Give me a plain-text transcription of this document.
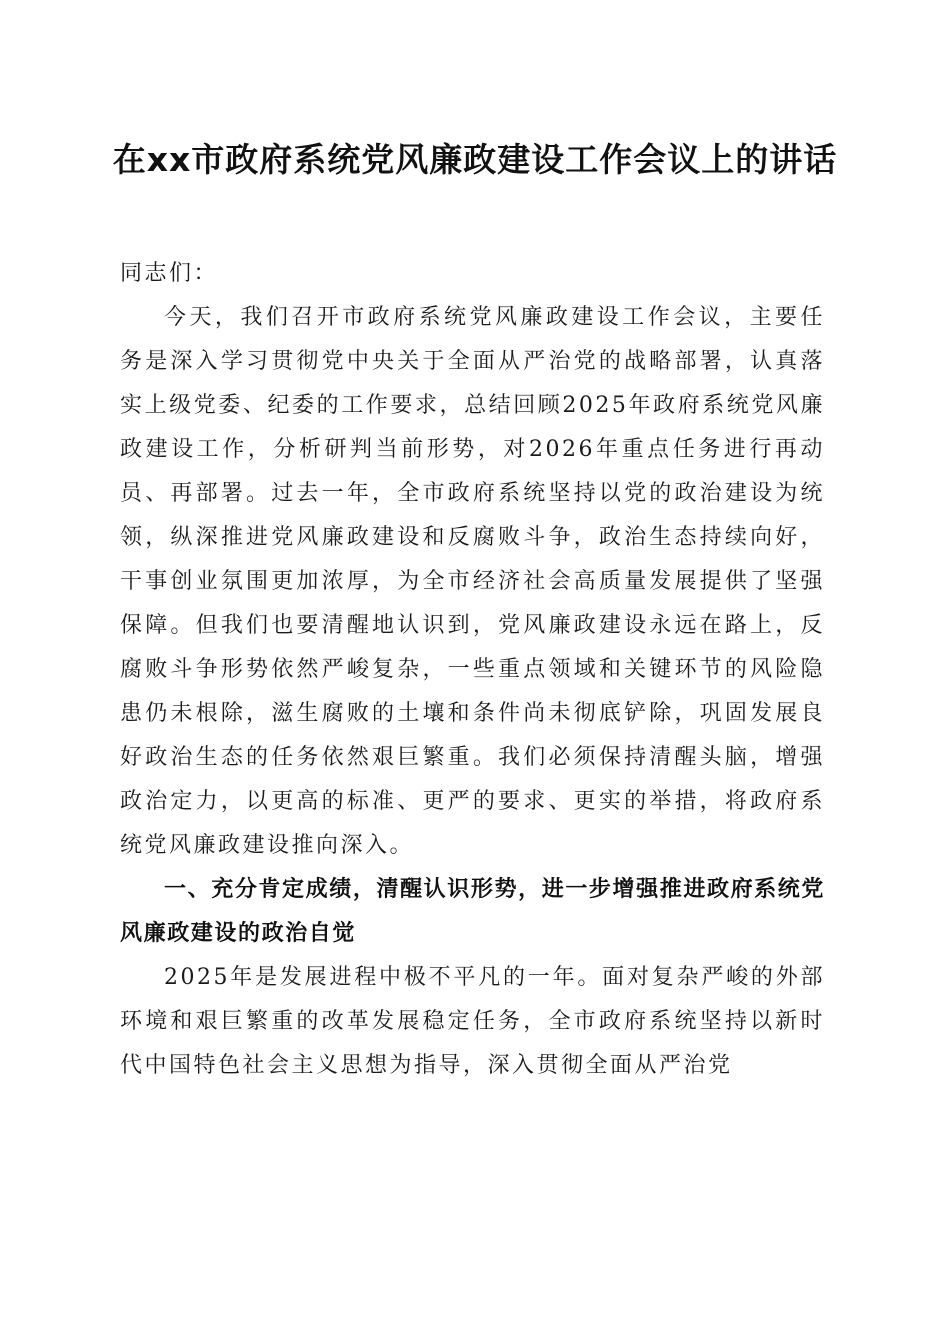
在xx市政府系统党风廉政建设工作会议上的讲话

同志们：

今天，我们召开市政府系统党风廉政建设工作会议，主要任务是深入学习贯彻党中央关于全面从严治党的战略部署，认真落实上级党委、纪委的工作要求，总结回顾2025年政府系统党风廉政建设工作，分析研判当前形势，对2026年重点任务进行再动员、再部署。过去一年，全市政府系统坚持以党的政治建设为统领，纵深推进党风廉政建设和反腐败斗争，政治生态持续向好，干事创业氛围更加浓厚，为全市经济社会高质量发展提供了坚强保障。但我们也要清醒地认识到，党风廉政建设永远在路上，反腐败斗争形势依然严峻复杂，一些重点领域和关键环节的风险隐患仍未根除，滋生腐败的土壤和条件尚未彻底铲除，巩固发展良好政治生态的任务依然艰巨繁重。我们必须保持清醒头脑，增强政治定力，以更高的标准、更严的要求、更实的举措，将政府系统党风廉政建设推向深入。

一、充分肯定成绩，清醒认识形势，进一步增强推进政府系统党风廉政建设的政治自觉

2025年是发展进程中极不平凡的一年。面对复杂严峻的外部环境和艰巨繁重的改革发展稳定任务，全市政府系统坚持以新时代中国特色社会主义思想为指导，深入贯彻全面从严治党
